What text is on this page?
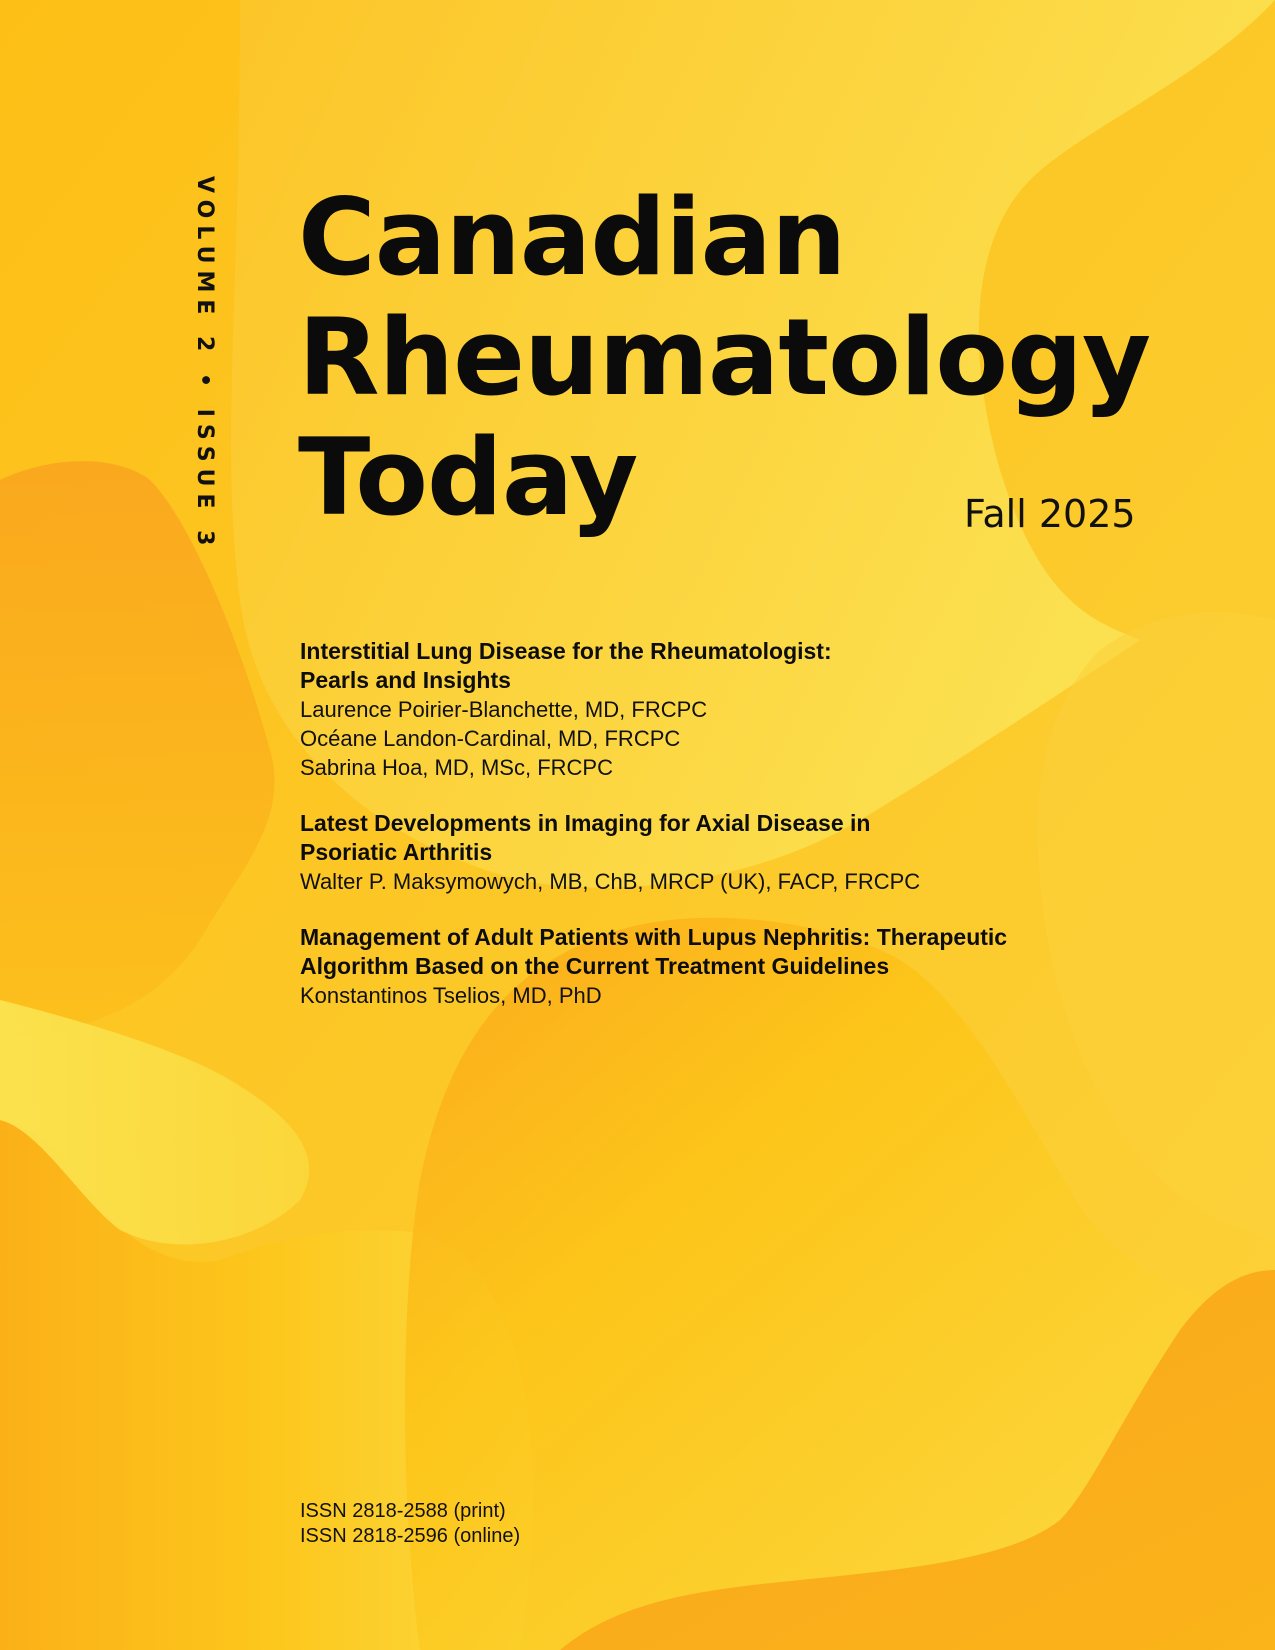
VOLUME 2 • ISSUE 3 Canadian
Rheumatology
Today	Fall 2025
Interstitial Lung Disease for the Rheumatologist:
Pearls and Insights
Laurence Poirier-Blanchette, MD, FRCPC
Océane Landon-Cardinal, MD, FRCPC
Sabrina Hoa, MD, MSc, FRCPC
Latest Developments in Imaging for Axial Disease in
Psoriatic Arthritis
Walter P. Maksymowych, MB, ChB, MRCP (UK), FACP, FRCPC
Management of Adult Patients with Lupus Nephritis: Therapeutic
Algorithm Based on the Current Treatment Guidelines
Konstantinos Tselios, MD, PhD
ISSN 2818-2588 (print)
ISSN 2818-2596 (online)
